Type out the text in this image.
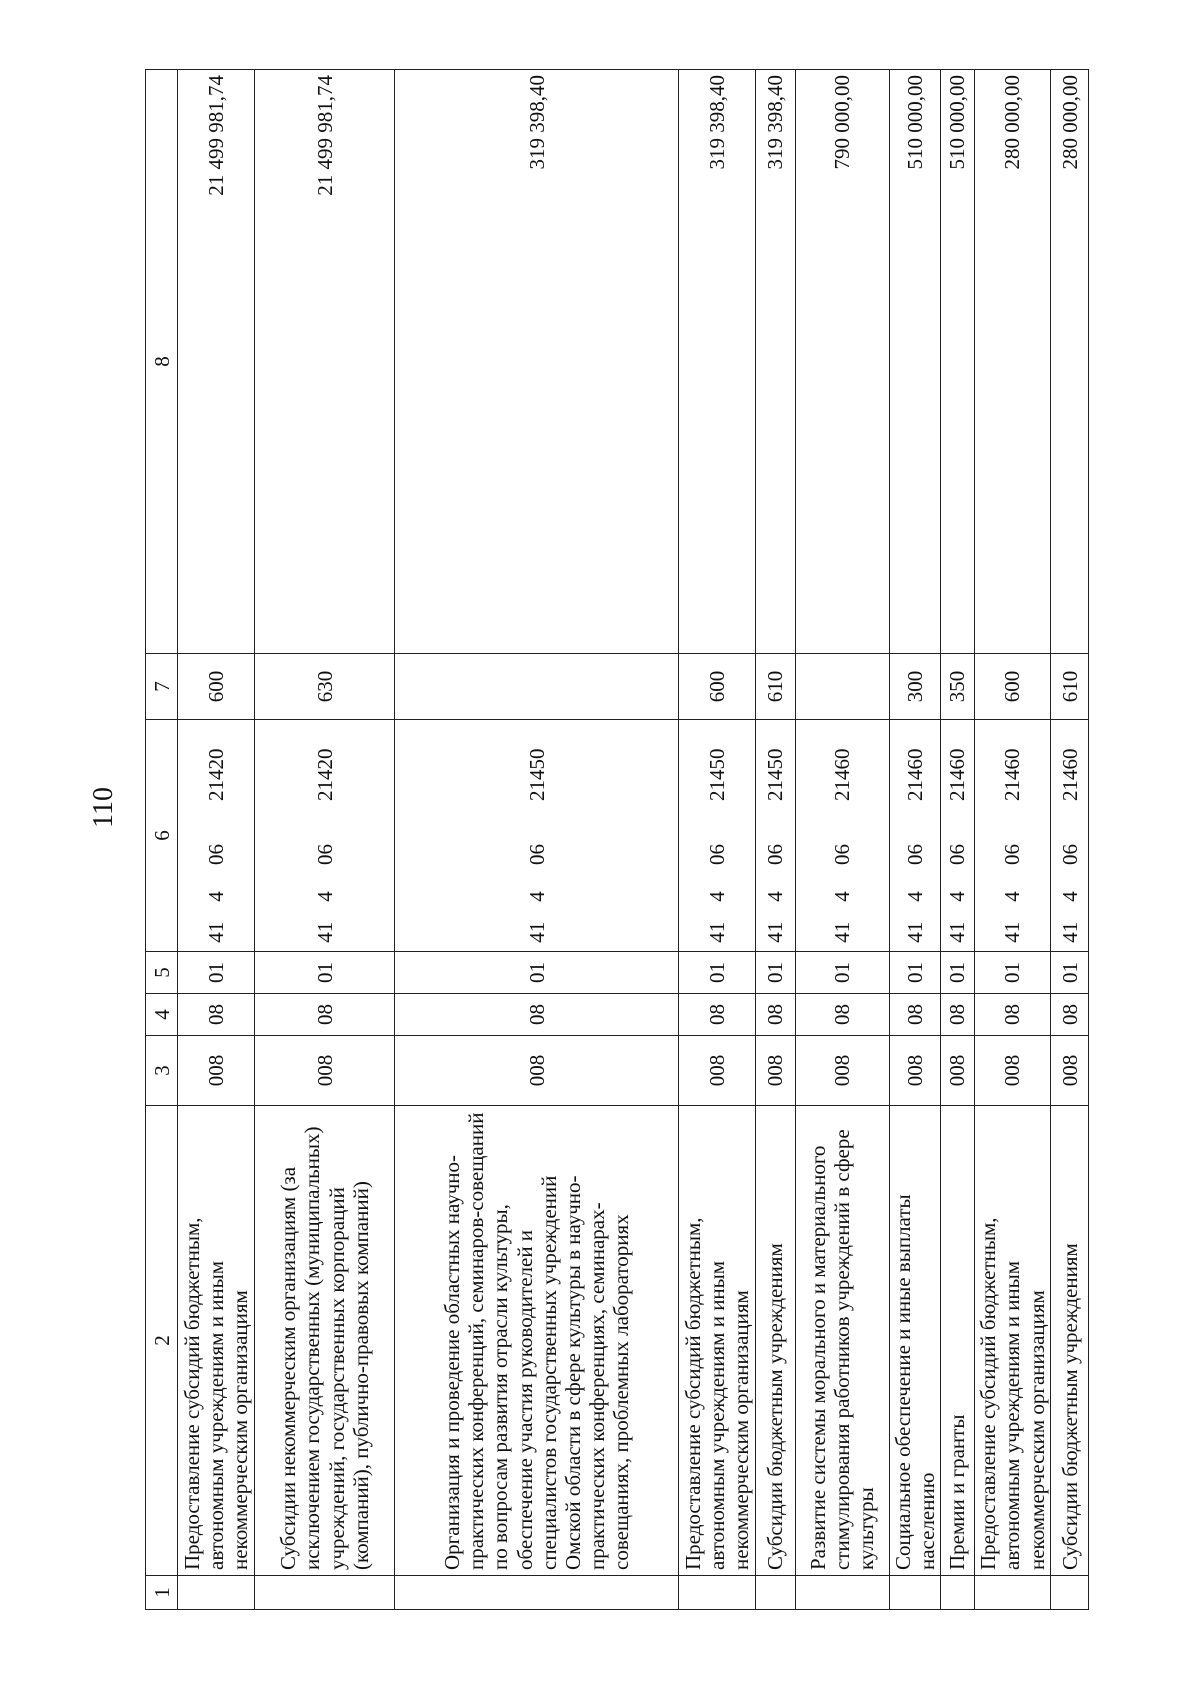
110
1	2	3	4	5	6				7	8
	Предоставление субсидий бюджетным, автономным учреждениям и иным некоммерческим организациям	008	08	01	41	4	06	21420	600	21 499 981,74
	Субсидии некоммерческим организациям (за исключением государственных (муниципальных) учреждений, государственных корпораций (компаний), публично-правовых компаний)	008	08	01	41	4	06	21420	630	21 499 981,74
	Организация и проведение областных научно-практических конференций, семинаров-совещаний по вопросам развития отрасли культуры, обеспечение участия руководителей и специалистов государственных учреждений Омской области в сфере культуры в научно-практических конференциях, семинарах-совещаниях, проблемных лабораториях	008	08	01	41	4	06	21450		319 398,40
	Предоставление субсидий бюджетным, автономным учреждениям и иным некоммерческим организациям	008	08	01	41	4	06	21450	600	319 398,40
	Субсидии бюджетным учреждениям	008	08	01	41	4	06	21450	610	319 398,40
	Развитие системы морального и материального стимулирования работников учреждений в сфере культуры	008	08	01	41	4	06	21460		790 000,00
	Социальное обеспечение и иные выплаты населению	008	08	01	41	4	06	21460	300	510 000,00
	Премии и гранты	008	08	01	41	4	06	21460	350	510 000,00
	Предоставление субсидий бюджетным, автономным учреждениям и иным некоммерческим организациям	008	08	01	41	4	06	21460	600	280 000,00
	Субсидии бюджетным учреждениям	008	08	01	41	4	06	21460	610	280 000,00
